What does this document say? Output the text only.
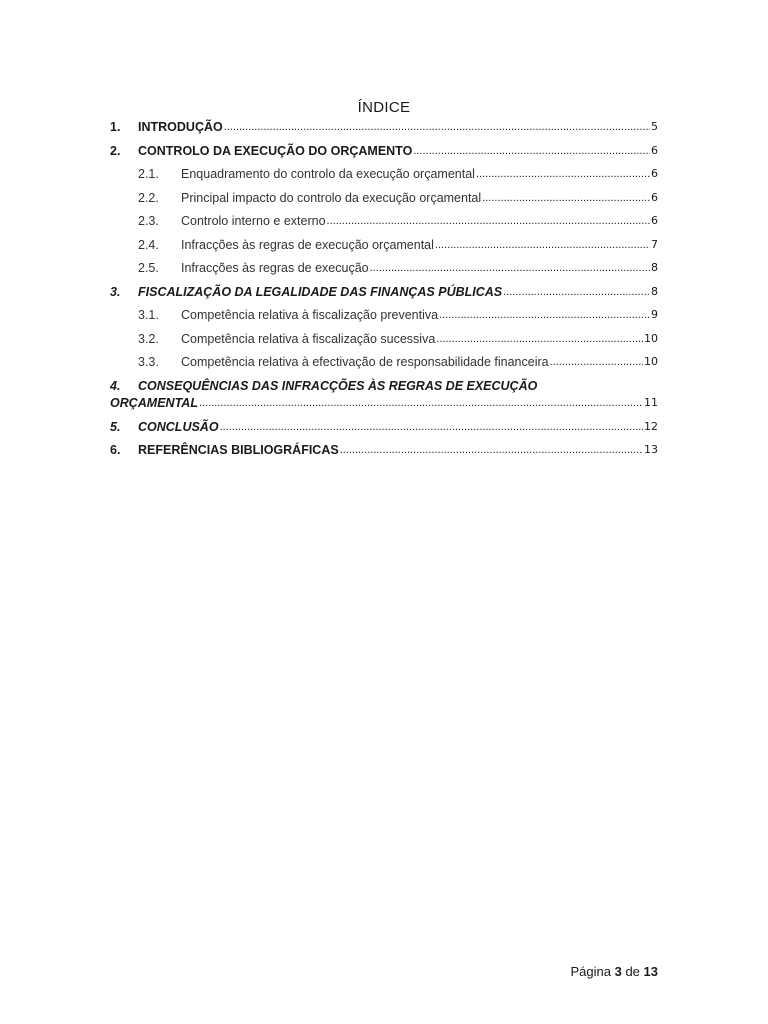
ÍNDICE
1.	INTRODUÇÃO .....	5
2.	CONTROLO DA EXECUÇÃO DO ORÇAMENTO .....	6
2.1.	Enquadramento do controlo da execução orçamental .....	6
2.2.	Principal impacto do controlo da execução orçamental .....	6
2.3.	Controlo interno e externo .....	6
2.4.	Infracções às regras de execução orçamental .....	7
2.5.	Infracções às regras de execução .....	8
3.	FISCALIZAÇÃO DA LEGALIDADE DAS FINANÇAS PÚBLICAS .....	8
3.1.	Competência relativa à fiscalização preventiva .....	9
3.2.	Competência relativa à fiscalização sucessiva .....	10
3.3.	Competência relativa à efectivação de responsabilidade financeira .....	10
4.	CONSEQUÊNCIAS DAS INFRACÇÕES ÀS REGRAS DE EXECUÇÃO
ORÇAMENTAL .....	11
5.	CONCLUSÃO .....	12
6.	REFERÊNCIAS BIBLIOGRÁFICAS .....	13
Página 3 de 13
